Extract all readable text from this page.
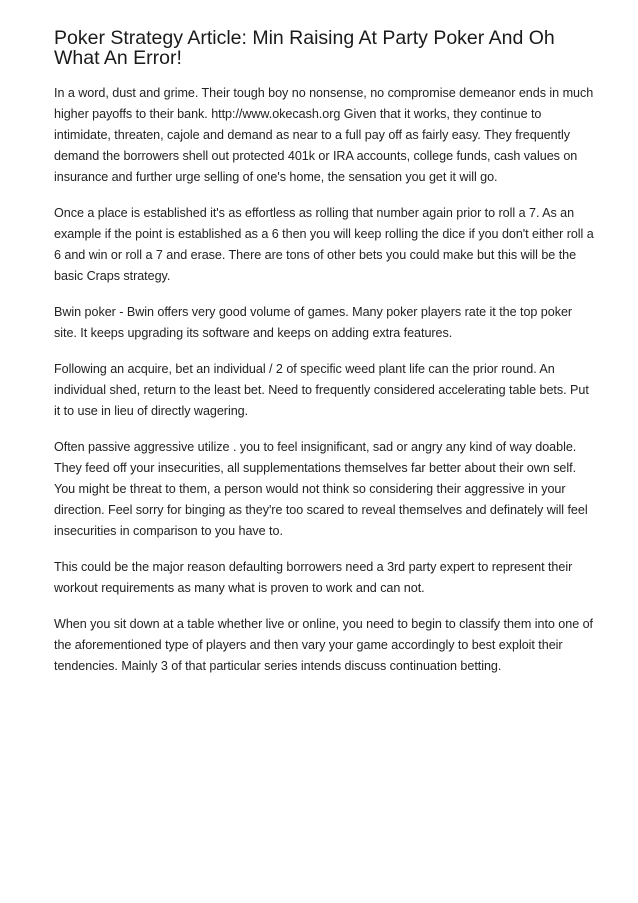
Poker Strategy Article: Min Raising At Party Poker And Oh What An Error!

In a word, dust and grime. Their tough boy no nonsense, no compromise demeanor ends in much higher payoffs to their bank. http://www.okecash.org Given that it works, they continue to intimidate, threaten, cajole and demand as near to a full pay off as fairly easy. They frequently demand the borrowers shell out protected 401k or IRA accounts, college funds, cash values on insurance and further urge selling of one's home, the sensation you get it will go.

Once a place is established it's as effortless as rolling that number again prior to roll a 7. As an example if the point is established as a 6 then you will keep rolling the dice if you don't either roll a 6 and win or roll a 7 and erase. There are tons of other bets you could make but this will be the basic Craps strategy.

Bwin poker - Bwin offers very good volume of games. Many poker players rate it the top poker site. It keeps upgrading its software and keeps on adding extra features.

Following an acquire, bet an individual / 2 of specific weed plant life can the prior round. An individual shed, return to the least bet. Need to frequently considered accelerating table bets. Put it to use in lieu of directly wagering.

Often passive aggressive utilize . you to feel insignificant, sad or angry any kind of way doable. They feed off your insecurities, all supplementations themselves far better about their own self. You might be threat to them, a person would not think so considering their aggressive in your direction. Feel sorry for binging as they're too scared to reveal themselves and definately will feel insecurities in comparison to you have to.

This could be the major reason defaulting borrowers need a 3rd party expert to represent their workout requirements as many what is proven to work and can not.

When you sit down at a table whether live or online, you need to begin to classify them into one of the aforementioned type of players and then vary your game accordingly to best exploit their tendencies. Mainly 3 of that particular series intends discuss continuation betting.
